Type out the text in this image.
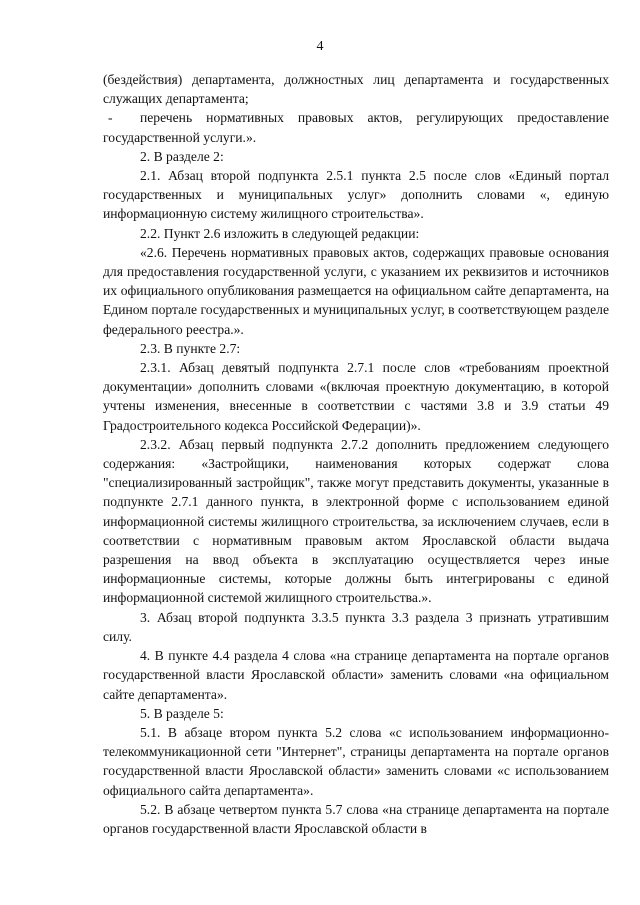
4

(бездействия) департамента, должностных лиц департамента и государственных служащих департамента;

- перечень нормативных правовых актов, регулирующих предоставление государственной услуги.».

2. В разделе 2:

2.1. Абзац второй подпункта 2.5.1 пункта 2.5 после слов «Единый портал государственных и муниципальных услуг» дополнить словами «, единую информационную систему жилищного строительства».

2.2. Пункт 2.6 изложить в следующей редакции:

«2.6. Перечень нормативных правовых актов, содержащих правовые основания для предоставления государственной услуги, с указанием их реквизитов и источников их официального опубликования размещается на официальном сайте департамента, на Едином портале государственных и муниципальных услуг, в соответствующем разделе федерального реестра.».

2.3. В пункте 2.7:

2.3.1. Абзац девятый подпункта 2.7.1 после слов «требованиям проектной документации» дополнить словами «(включая проектную документацию, в которой учтены изменения, внесенные в соответствии с частями 3.8 и 3.9 статьи 49 Градостроительного кодекса Российской Федерации)».

2.3.2. Абзац первый подпункта 2.7.2 дополнить предложением следующего содержания: «Застройщики, наименования которых содержат слова "специализированный застройщик", также могут представить документы, указанные в подпункте 2.7.1 данного пункта, в электронной форме с использованием единой информационной системы жилищного строительства, за исключением случаев, если в соответствии с нормативным правовым актом Ярославской области выдача разрешения на ввод объекта в эксплуатацию осуществляется через иные информационные системы, которые должны быть интегрированы с единой информационной системой жилищного строительства.».

3. Абзац второй подпункта 3.3.5 пункта 3.3 раздела 3 признать утратившим силу.

4. В пункте 4.4 раздела 4 слова «на странице департамента на портале органов государственной власти Ярославской области» заменить словами «на официальном сайте департамента».

5. В разделе 5:

5.1. В абзаце втором пункта 5.2 слова «с использованием информационно-телекоммуникационной сети "Интернет", страницы департамента на портале органов государственной власти Ярославской области» заменить словами «с использованием официального сайта департамента».

5.2. В абзаце четвертом пункта 5.7 слова «на странице департамента на портале органов государственной власти Ярославской области в
